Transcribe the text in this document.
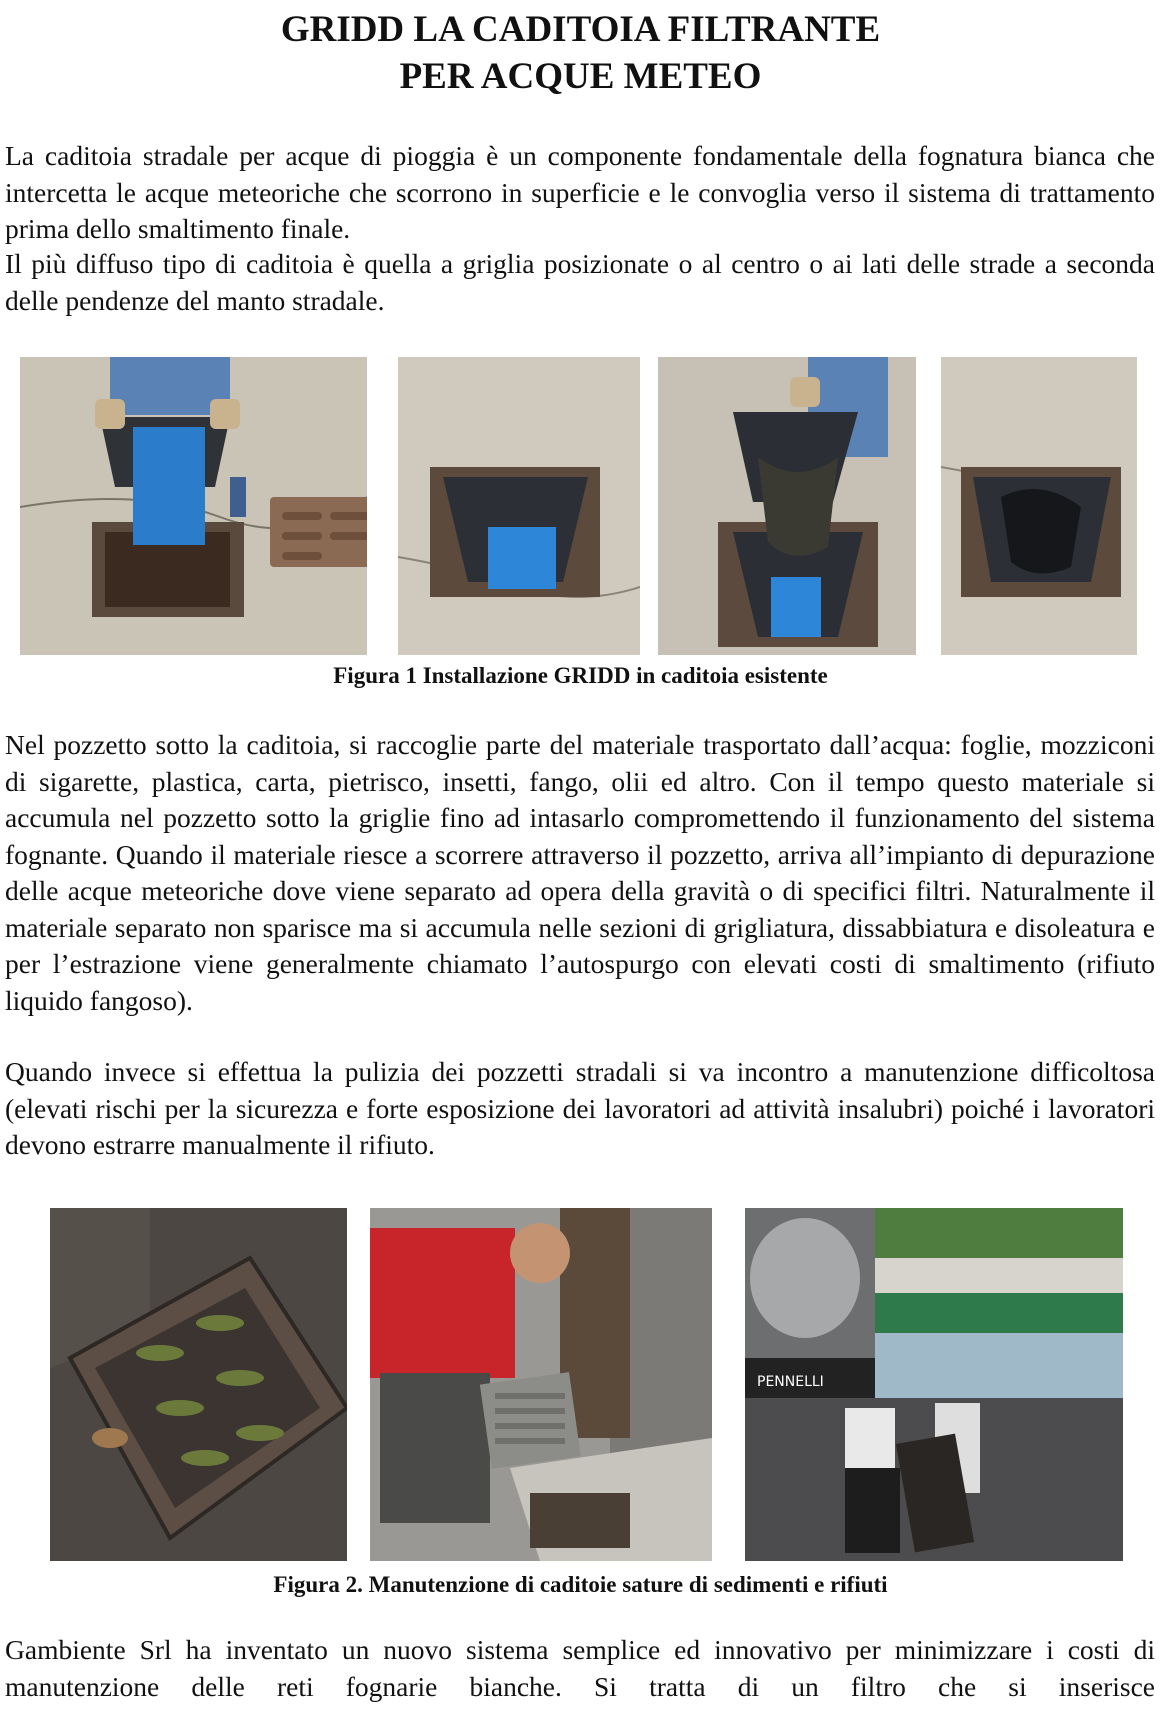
GRIDD LA CADITOIA FILTRANTE
PER ACQUE METEO

La caditoia stradale per acque di pioggia è un componente fondamentale della fognatura bianca che intercetta le acque meteoriche che scorrono in superficie e le convoglia verso il sistema di trattamento prima dello smaltimento finale.

Il più diffuso tipo di caditoia è quella a griglia posizionate o al centro o ai lati delle strade a seconda delle pendenze del manto stradale.

Figura 1 Installazione GRIDD in caditoia esistente

Nel pozzetto sotto la caditoia, si raccoglie parte del materiale trasportato dall’acqua: foglie, mozziconi di sigarette, plastica, carta, pietrisco, insetti, fango, olii ed altro. Con il tempo questo materiale si accumula nel pozzetto sotto la griglie fino ad intasarlo compromettendo il funzionamento del sistema fognante. Quando il materiale riesce a scorrere attraverso il pozzetto, arriva all’impianto di depurazione delle acque meteoriche dove viene separato ad opera della gravità o di specifici filtri. Naturalmente il materiale separato non sparisce ma si accumula nelle sezioni di grigliatura, dissabbiatura e disoleatura e per l’estrazione viene generalmente chiamato l’autospurgo con elevati costi di smaltimento (rifiuto liquido fangoso).

Quando invece si effettua la pulizia dei pozzetti stradali si va incontro a manutenzione difficoltosa (elevati rischi per la sicurezza e forte esposizione dei lavoratori ad attività insalubri) poiché i lavoratori devono estrarre manualmente il rifiuto.

PENNELLI
Figura 2. Manutenzione di caditoie sature di sedimenti e rifiuti

Gambiente Srl ha inventato un nuovo sistema semplice ed innovativo per minimizzare i costi di manutenzione delle reti fognarie bianche. Si tratta di un filtro che si inserisce
